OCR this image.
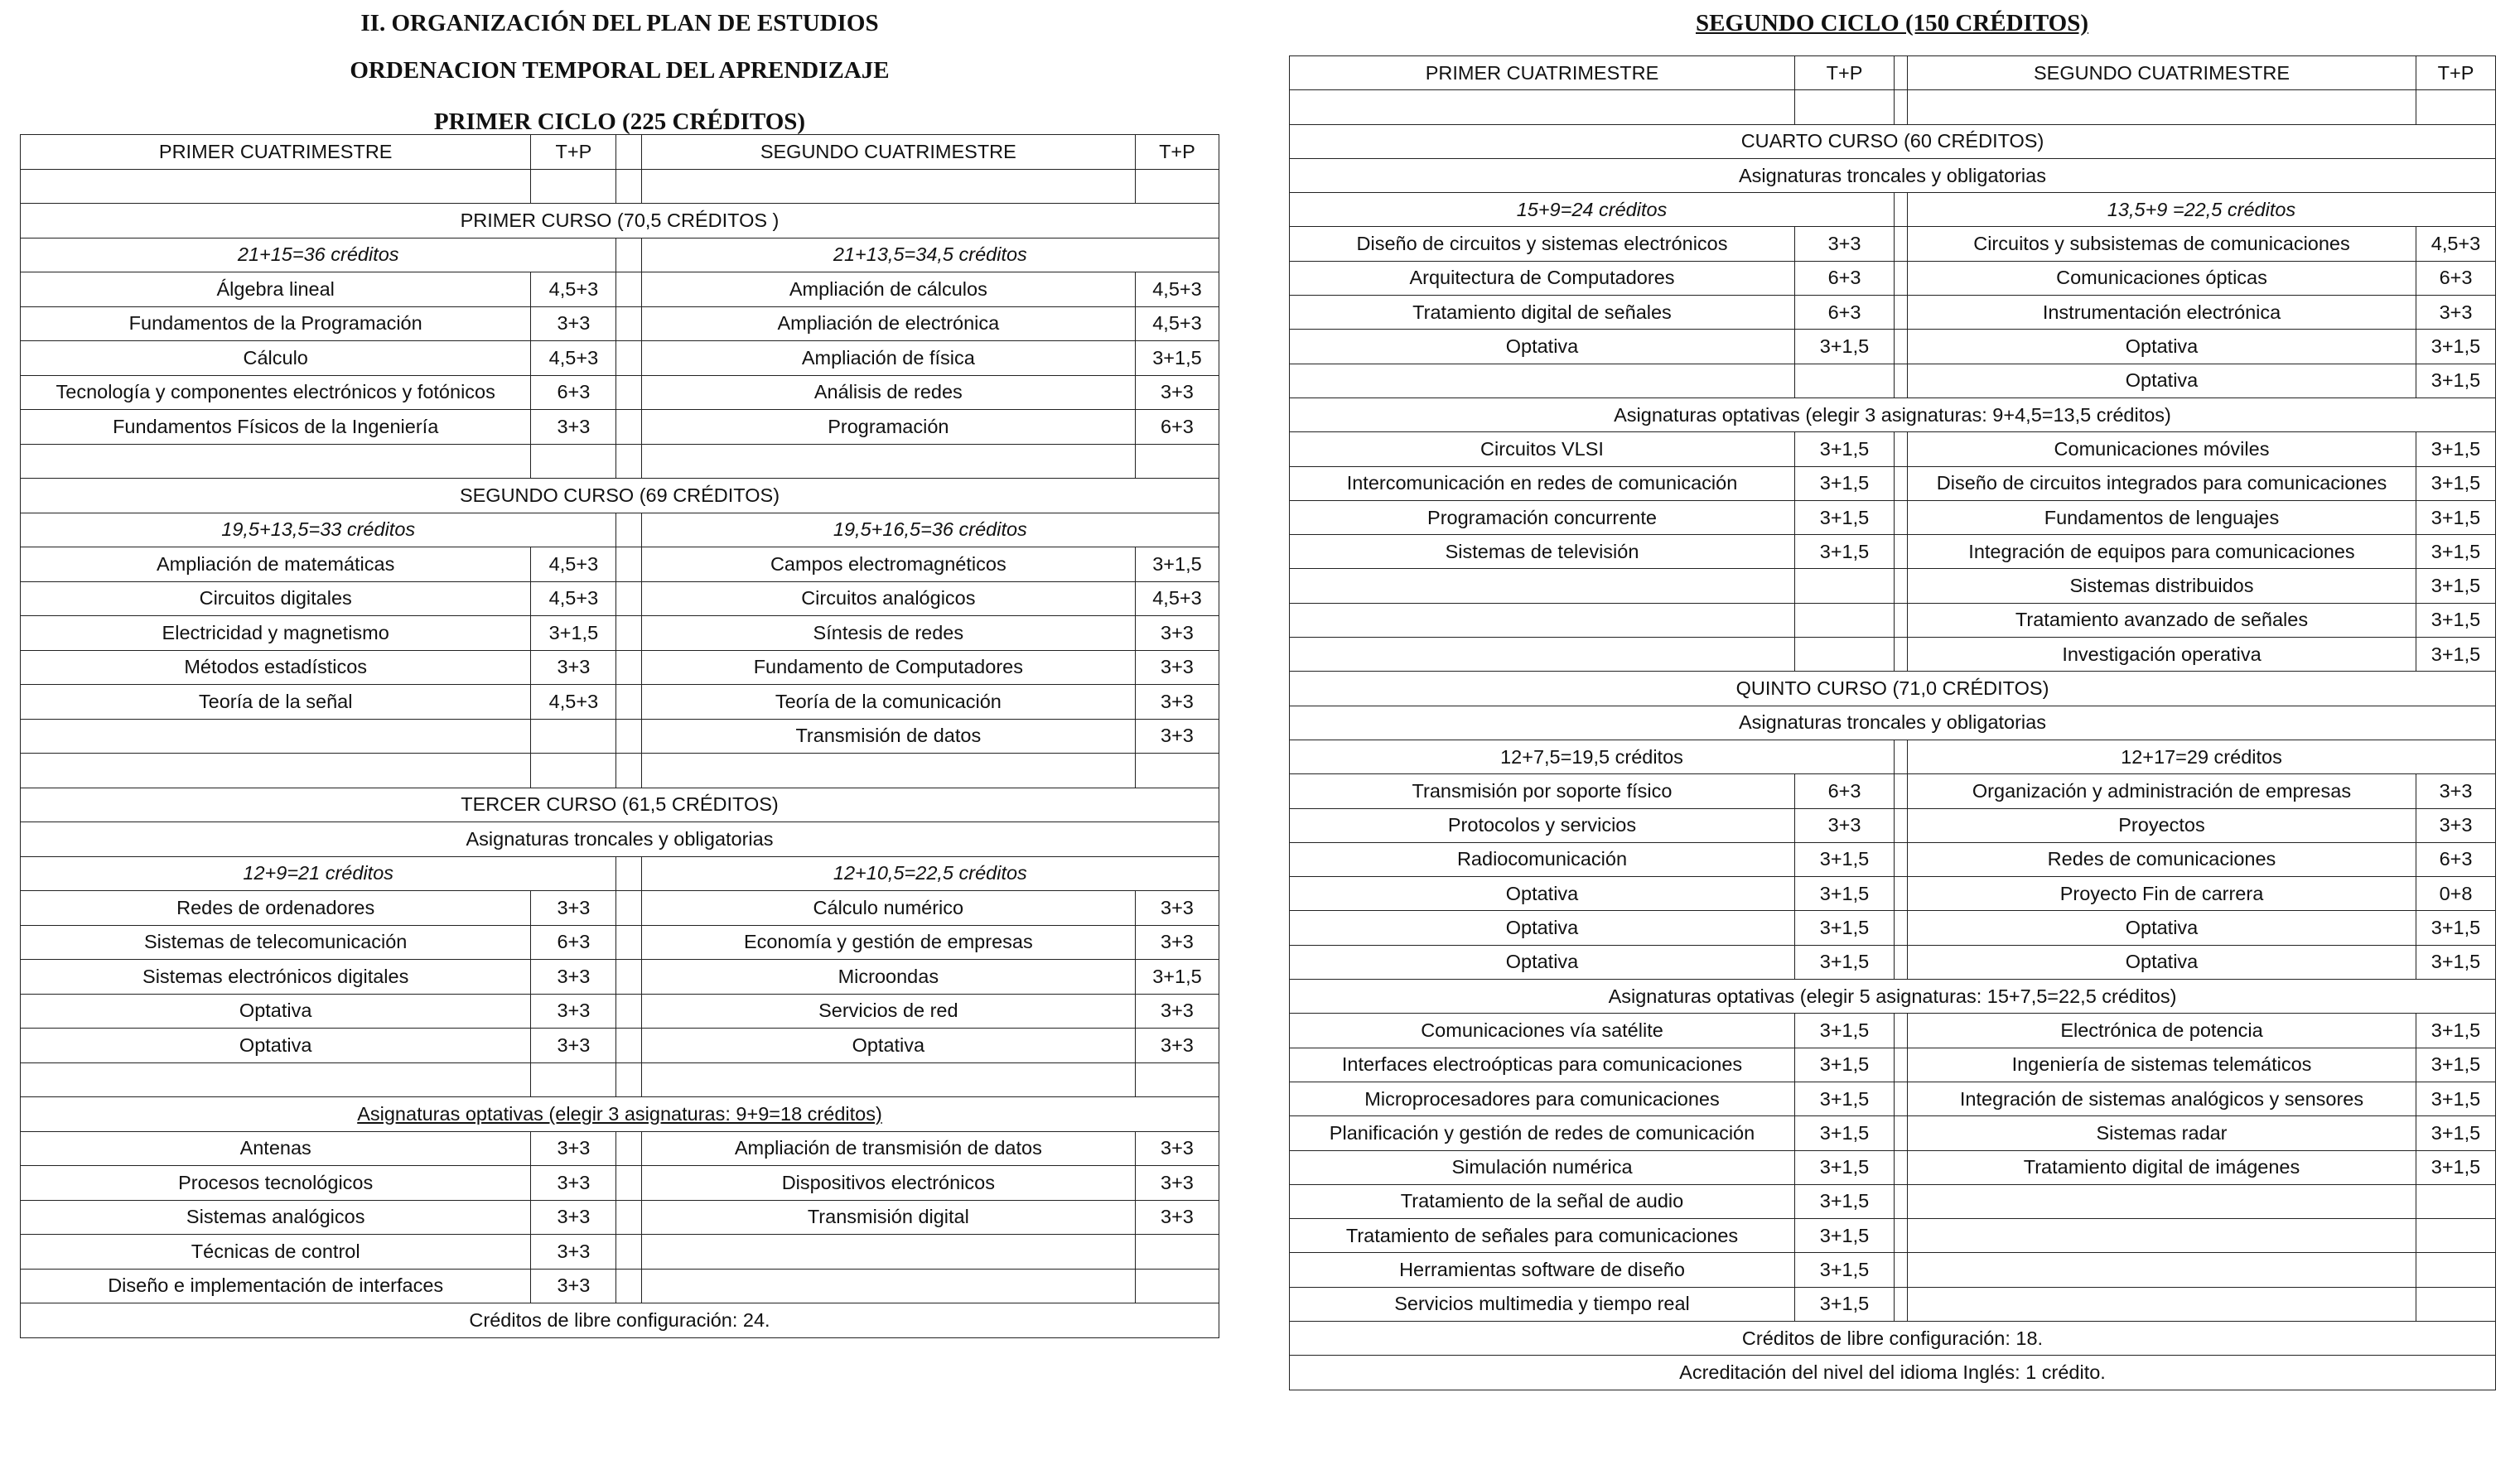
II. ORGANIZACIÓN DEL PLAN DE ESTUDIOS
ORDENACION TEMPORAL DEL APRENDIZAJE
PRIMER CICLO (225 CRÉDITOS)
PRIMER CUATRIMESTRE	T+P		SEGUNDO CUATRIMESTRE	T+P

PRIMER CURSO (70,5 CRÉDITOS )				
21+15=36 créditos			21+13,5=34,5 créditos	
Álgebra lineal	4,5+3		Ampliación de cálculos	4,5+3
Fundamentos de la Programación	3+3		Ampliación de electrónica	4,5+3
Cálculo	4,5+3		Ampliación de física	3+1,5
Tecnología y componentes electrónicos y fotónicos	6+3		Análisis de redes	3+3
Fundamentos Físicos de la Ingeniería	3+3		Programación	6+3

SEGUNDO CURSO (69 CRÉDITOS)				
19,5+13,5=33 créditos			19,5+16,5=36 créditos	
Ampliación de matemáticas	4,5+3		Campos electromagnéticos	3+1,5
Circuitos digitales	4,5+3		Circuitos analógicos	4,5+3
Electricidad y magnetismo	3+1,5		Síntesis de redes	3+3
Métodos estadísticos	3+3		Fundamento de Computadores	3+3
Teoría de la señal	4,5+3		Teoría de la comunicación	3+3
			Transmisión de datos	3+3

TERCER CURSO (61,5 CRÉDITOS)				
Asignaturas troncales y obligatorias				
12+9=21 créditos			12+10,5=22,5 créditos	
Redes de ordenadores	3+3		Cálculo numérico	3+3
Sistemas de telecomunicación	6+3		Economía y gestión de empresas	3+3
Sistemas electrónicos digitales	3+3		Microondas	3+1,5
Optativa	3+3		Servicios de red	3+3
Optativa	3+3		Optativa	3+3

Asignaturas optativas (elegir 3 asignaturas: 9+9=18 créditos)				
Antenas	3+3		Ampliación de transmisión de datos	3+3
Procesos tecnológicos	3+3		Dispositivos electrónicos	3+3
Sistemas analógicos	3+3		Transmisión digital	3+3
Técnicas de control	3+3			
Diseño e implementación de interfaces	3+3			
Créditos de libre configuración: 24.				
SEGUNDO CICLO (150 CRÉDITOS)
PRIMER CUATRIMESTRE	T+P		SEGUNDO CUATRIMESTRE	T+P

CUARTO CURSO (60 CRÉDITOS)				
Asignaturas troncales y obligatorias				
15+9=24 créditos			13,5+9 =22,5 créditos	
Diseño de circuitos y sistemas electrónicos	3+3		Circuitos y subsistemas de comunicaciones	4,5+3
Arquitectura de Computadores	6+3		Comunicaciones ópticas	6+3
Tratamiento digital de señales	6+3		Instrumentación electrónica	3+3
Optativa	3+1,5		Optativa	3+1,5
			Optativa	3+1,5
Asignaturas optativas (elegir 3 asignaturas: 9+4,5=13,5 créditos)				
Circuitos VLSI	3+1,5		Comunicaciones móviles	3+1,5
Intercomunicación en redes de comunicación	3+1,5		Diseño de circuitos integrados para comunicaciones	3+1,5
Programación concurrente	3+1,5		Fundamentos de lenguajes	3+1,5
Sistemas de televisión	3+1,5		Integración de equipos para comunicaciones	3+1,5
			Sistemas distribuidos	3+1,5
			Tratamiento avanzado de señales	3+1,5
			Investigación operativa	3+1,5
QUINTO CURSO (71,0 CRÉDITOS)				
Asignaturas troncales y obligatorias				
12+7,5=19,5 créditos			12+17=29 créditos	
Transmisión por soporte físico	6+3		Organización y administración de empresas	3+3
Protocolos y servicios	3+3		Proyectos	3+3
Radiocomunicación	3+1,5		Redes de comunicaciones	6+3
Optativa	3+1,5		Proyecto Fin de carrera	0+8
Optativa	3+1,5		Optativa	3+1,5
Optativa	3+1,5		Optativa	3+1,5
Asignaturas optativas (elegir 5 asignaturas: 15+7,5=22,5 créditos)				
Comunicaciones vía satélite	3+1,5		Electrónica de potencia	3+1,5
Interfaces electroópticas para comunicaciones	3+1,5		Ingeniería de sistemas telemáticos	3+1,5
Microprocesadores para comunicaciones	3+1,5		Integración de sistemas analógicos y sensores	3+1,5
Planificación y gestión de redes de comunicación	3+1,5		Sistemas radar	3+1,5
Simulación numérica	3+1,5		Tratamiento digital de imágenes	3+1,5
Tratamiento de la señal de audio	3+1,5			
Tratamiento de señales para comunicaciones	3+1,5			
Herramientas software de diseño	3+1,5			
Servicios multimedia y tiempo real	3+1,5			
Créditos de libre configuración: 18.				
Acreditación del nivel del idioma Inglés: 1 crédito.				
